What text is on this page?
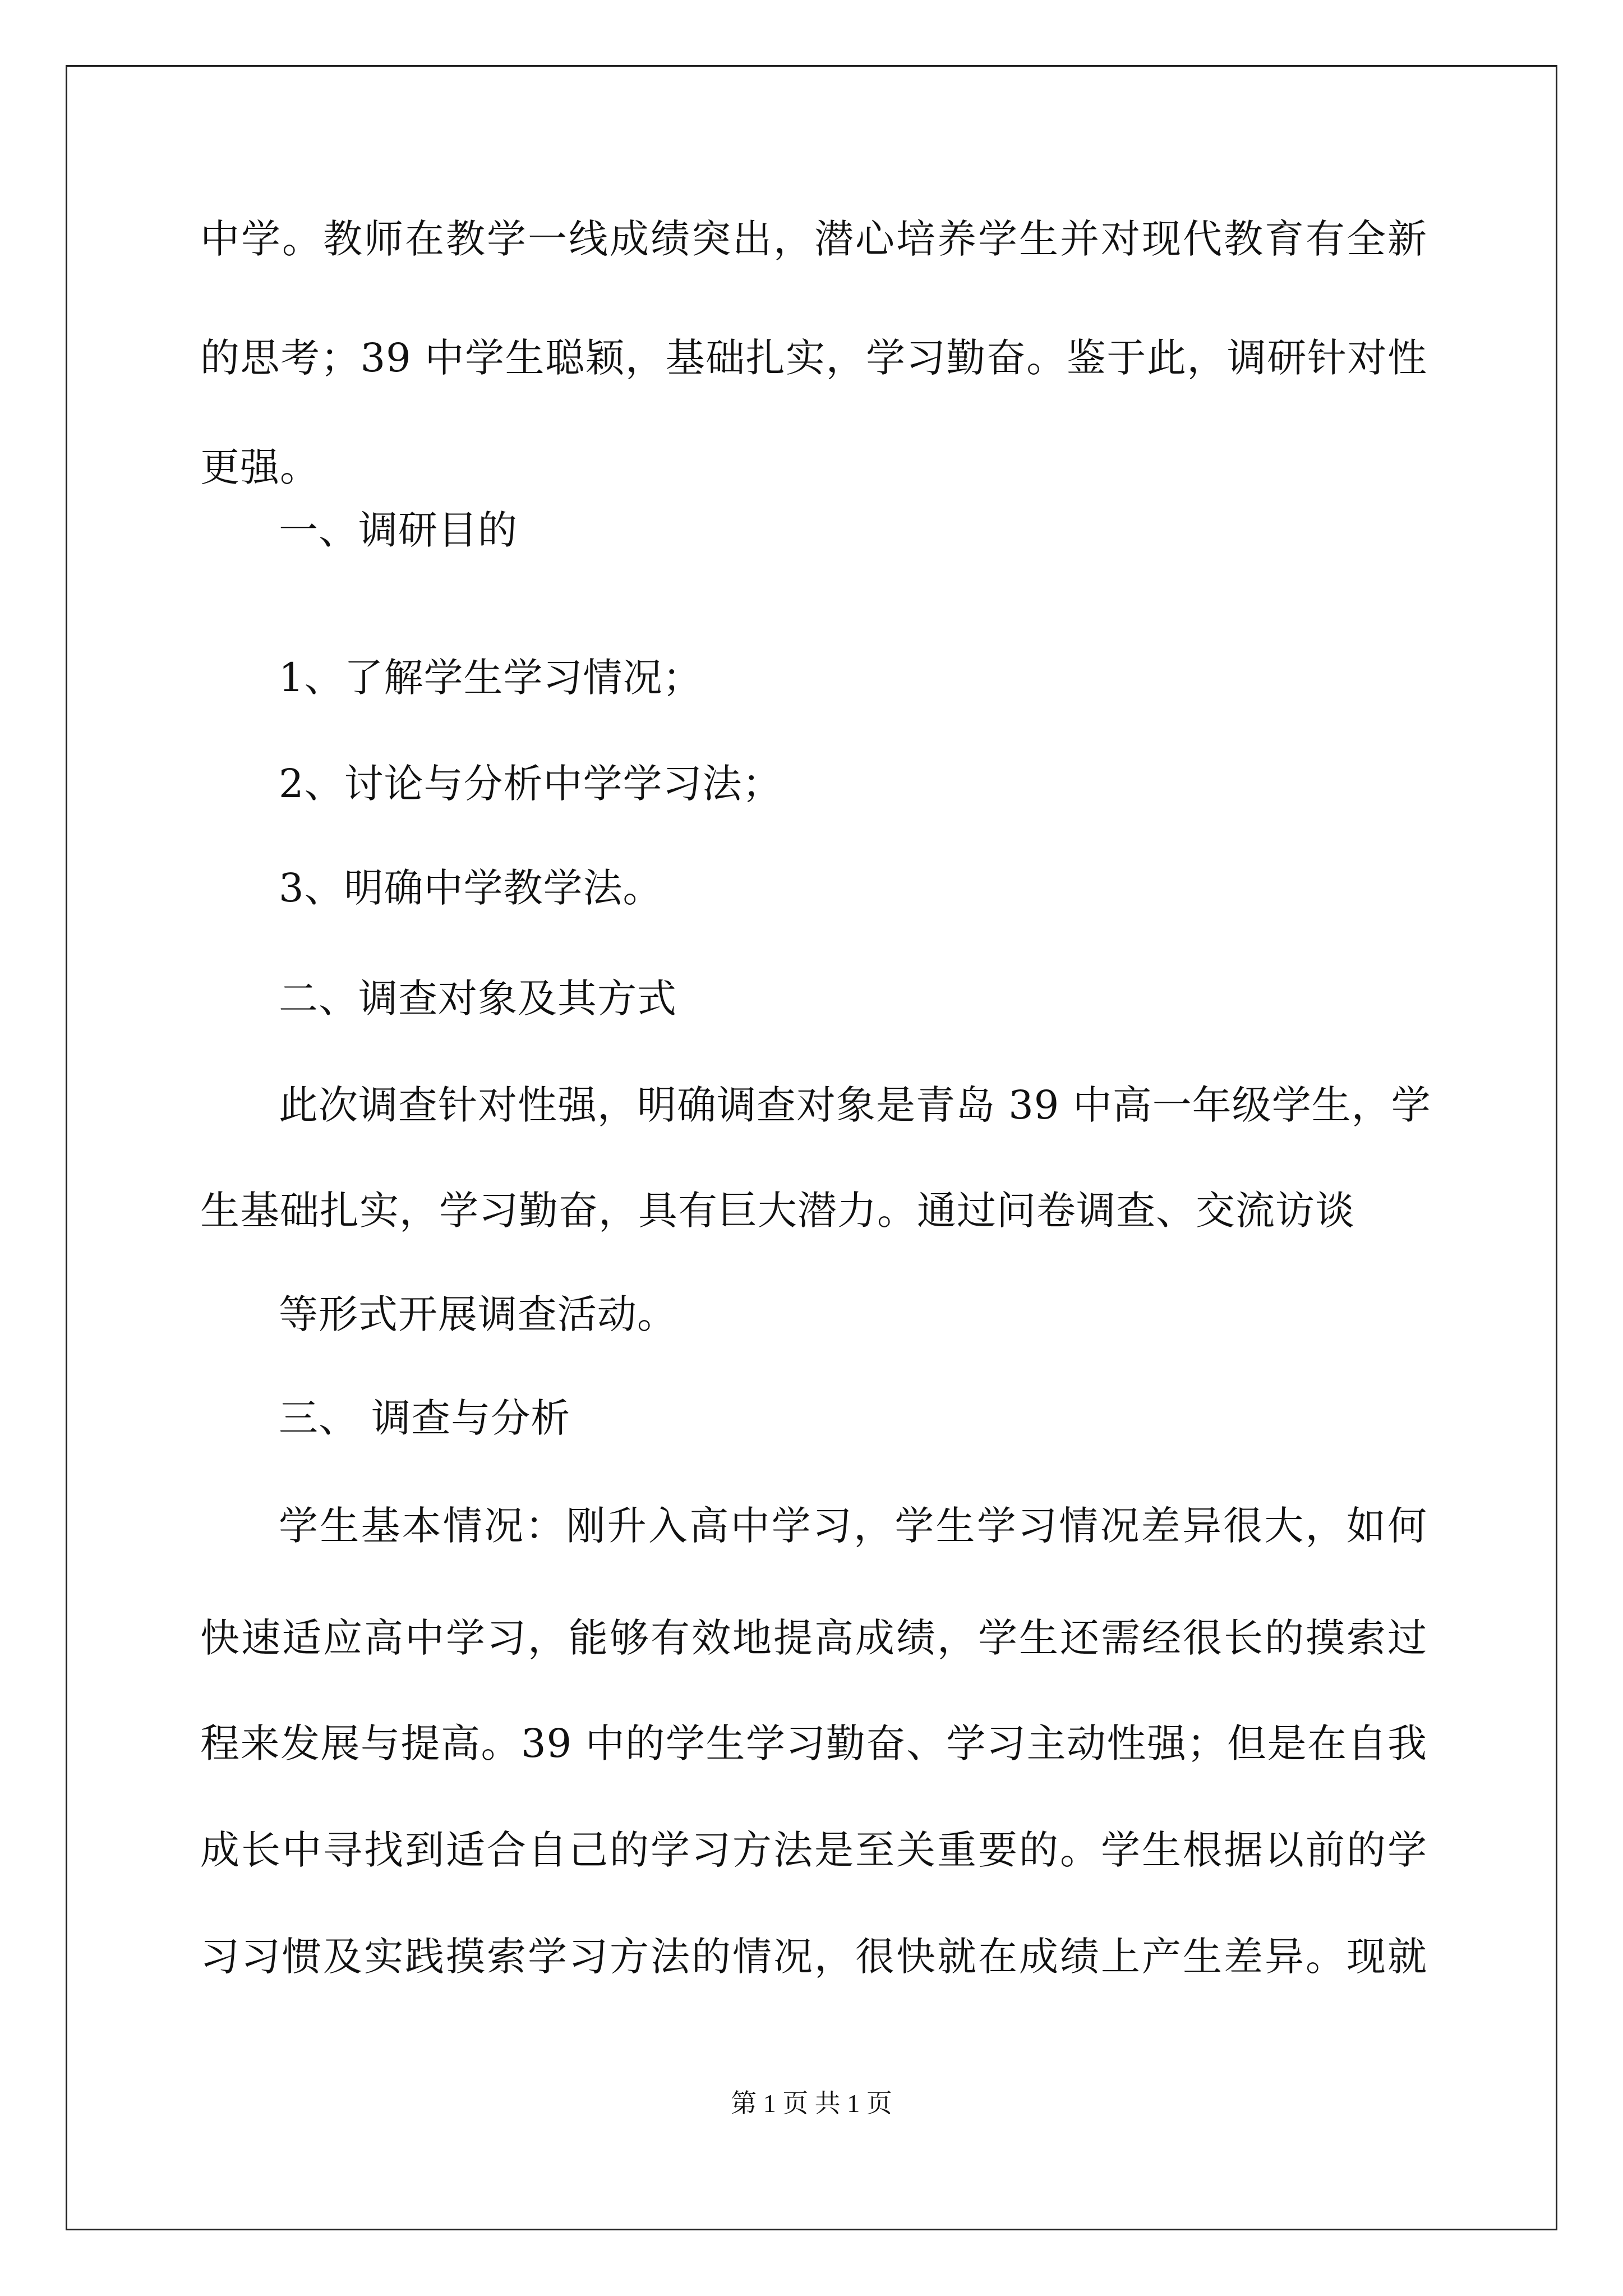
中学。教师在教学一线成绩突出，潜心培养学生并对现代教育有全新
的思考；39 中学生聪颖，基础扎实，学习勤奋。鉴于此，调研针对性
更强。
一、调研目的
1、了解学生学习情况；
2、讨论与分析中学学习法；
3、明确中学教学法。
二、调查对象及其方式
此次调查针对性强，明确调查对象是青岛 39 中高一年级学生，学
生基础扎实，学习勤奋，具有巨大潜力。通过问卷调查、交流访谈
等形式开展调查活动。
三、 调查与分析
学生基本情况：刚升入高中学习，学生学习情况差异很大，如何
快速适应高中学习，能够有效地提高成绩，学生还需经很长的摸索过
程来发展与提高。39 中的学生学习勤奋、学习主动性强；但是在自我
成长中寻找到适合自己的学习方法是至关重要的。学生根据以前的学
习习惯及实践摸索学习方法的情况，很快就在成绩上产生差异。现就
第 1 页 共 1 页
